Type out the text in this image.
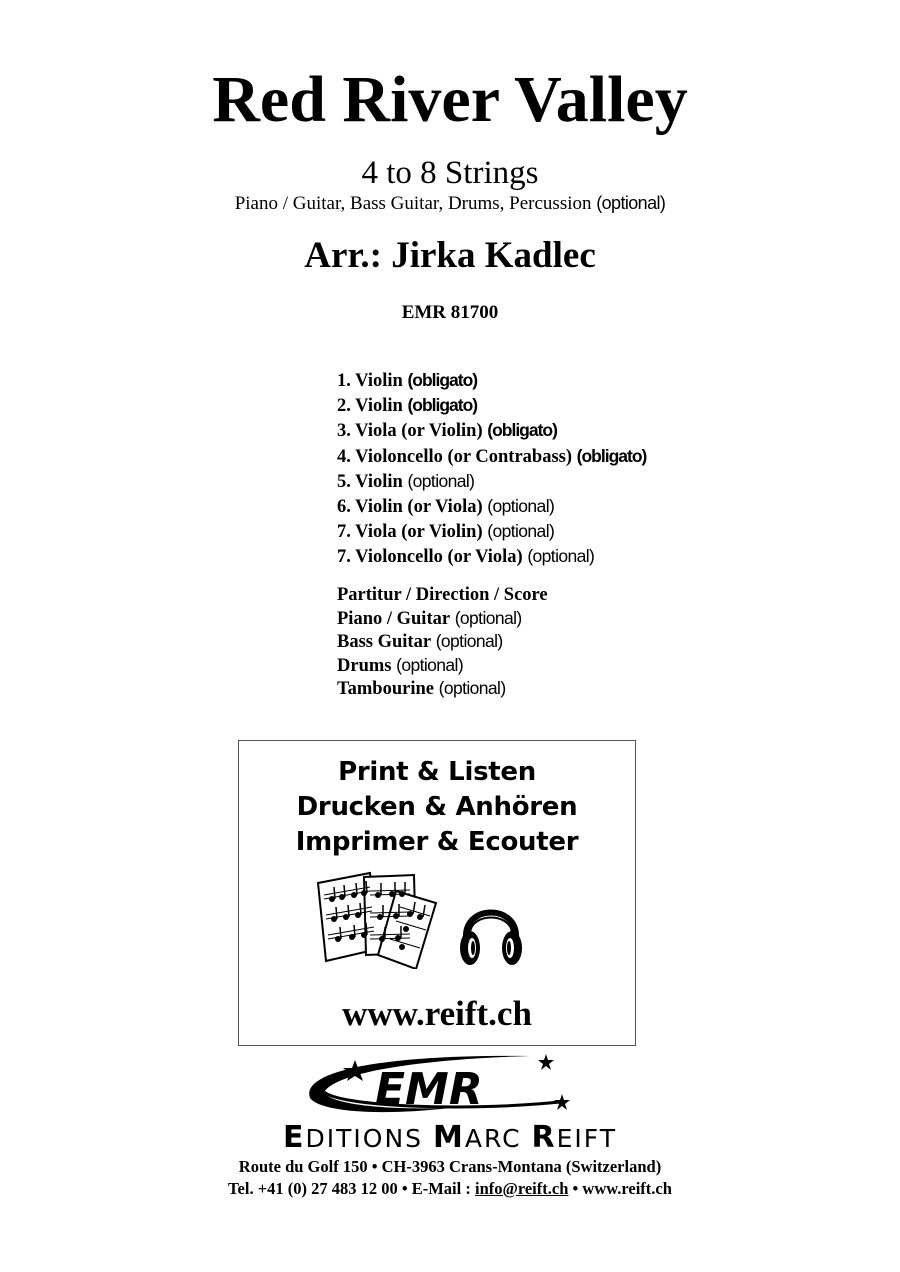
Red River Valley
4 to 8 Strings
Piano / Guitar, Bass Guitar, Drums, Percussion (optional)
Arr.: Jirka Kadlec
EMR 81700
1. Violin (obligato)
2. Violin (obligato)
3. Viola (or Violin) (obligato)
4. Violoncello (or Contrabass) (obligato)
5. Violin (optional)
6. Violin (or Viola) (optional)
7. Viola (or Violin) (optional)
7. Violoncello (or Viola) (optional)
Partitur / Direction / Score
Piano / Guitar (optional)
Bass Guitar (optional)
Drums (optional)
Tambourine (optional)
Print & Listen
Drucken & Anhören
Imprimer & Ecouter
www.reift.ch
EMR
EDITIONS MARC REIFT
Route du Golf 150 • CH-3963 Crans-Montana (Switzerland)
Tel. +41 (0) 27 483 12 00 • E-Mail : info@reift.ch • www.reift.ch
